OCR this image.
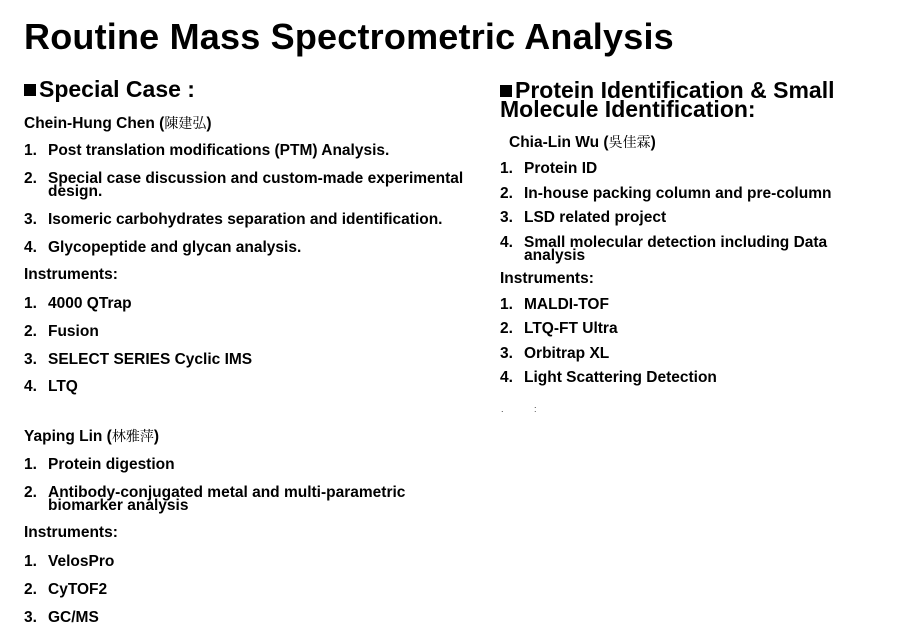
Routine Mass Spectrometric Analysis
Special Case :
Chein-Hung Chen (陳建弘)
1. Post translation modifications (PTM) Analysis.
2. Special case discussion and custom-made experimental design.
3. Isomeric carbohydrates separation and identification.
4. Glycopeptide and glycan analysis.
Instruments:
1. 4000 QTrap
2. Fusion
3. SELECT SERIES Cyclic IMS
4. LTQ
Yaping Lin (林雅萍)
1. Protein digestion
2. Antibody-conjugated metal and multi-parametric biomarker analysis
Instruments:
1. VelosPro
2. CyTOF2
3. GC/MS
Protein Identification & Small
Molecule Identification:
Chia-Lin Wu (吳佳霖)
1. Protein ID
2. In-house packing column and pre-column
3. LSD related project
4. Small molecular detection including Data analysis
Instruments:
1. MALDI-TOF
2. LTQ-FT Ultra
3. Orbitrap XL
4. Light Scattering Detection
. :
